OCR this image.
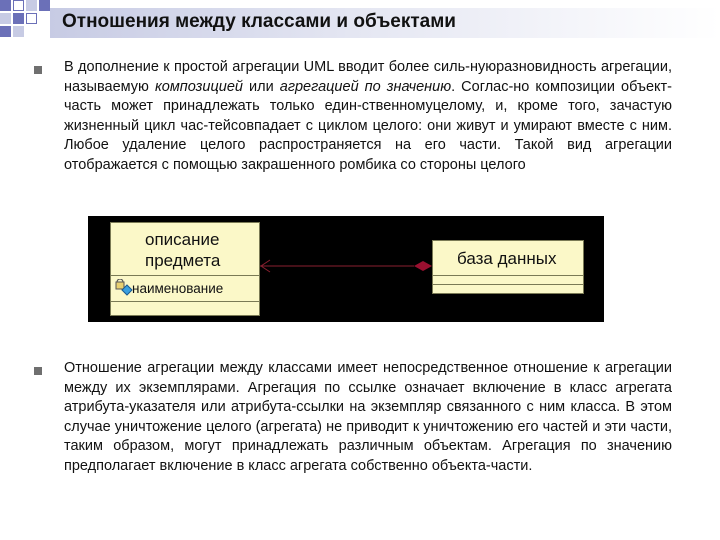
Отношения между классами и объектами

В дополнение к простой агрегации UML вводит более силь-нуюразновидность агрегации, называемую композицией или агрегацией по значению. Соглас-но композиции объект-часть может принадлежать только един-ственномуцелому, и, кроме того, зачастую жизненный цикл час-тейсовпадает с циклом целого: они живут и умирают вместе с ним. Любое удаление целого распространяется на его части. Такой вид агрегации отображается с помощью закрашенного ромбика со стороны целого

описание
предмета
наименование
база данных

Отношение агрегации между классами имеет непосредственное отношение к агрегации между их экземплярами. Агрегация по ссылке означает включение в класс агрегата атрибута-указателя или атрибута-ссылки на экземпляр связанного с ним класса. В этом случае уничтожение целого (агрегата) не приводит к уничтожению его частей и эти части, таким образом, могут принадлежать различным объектам. Агрегация по значению предполагает включение в класс агрегата собственно объекта-части.
